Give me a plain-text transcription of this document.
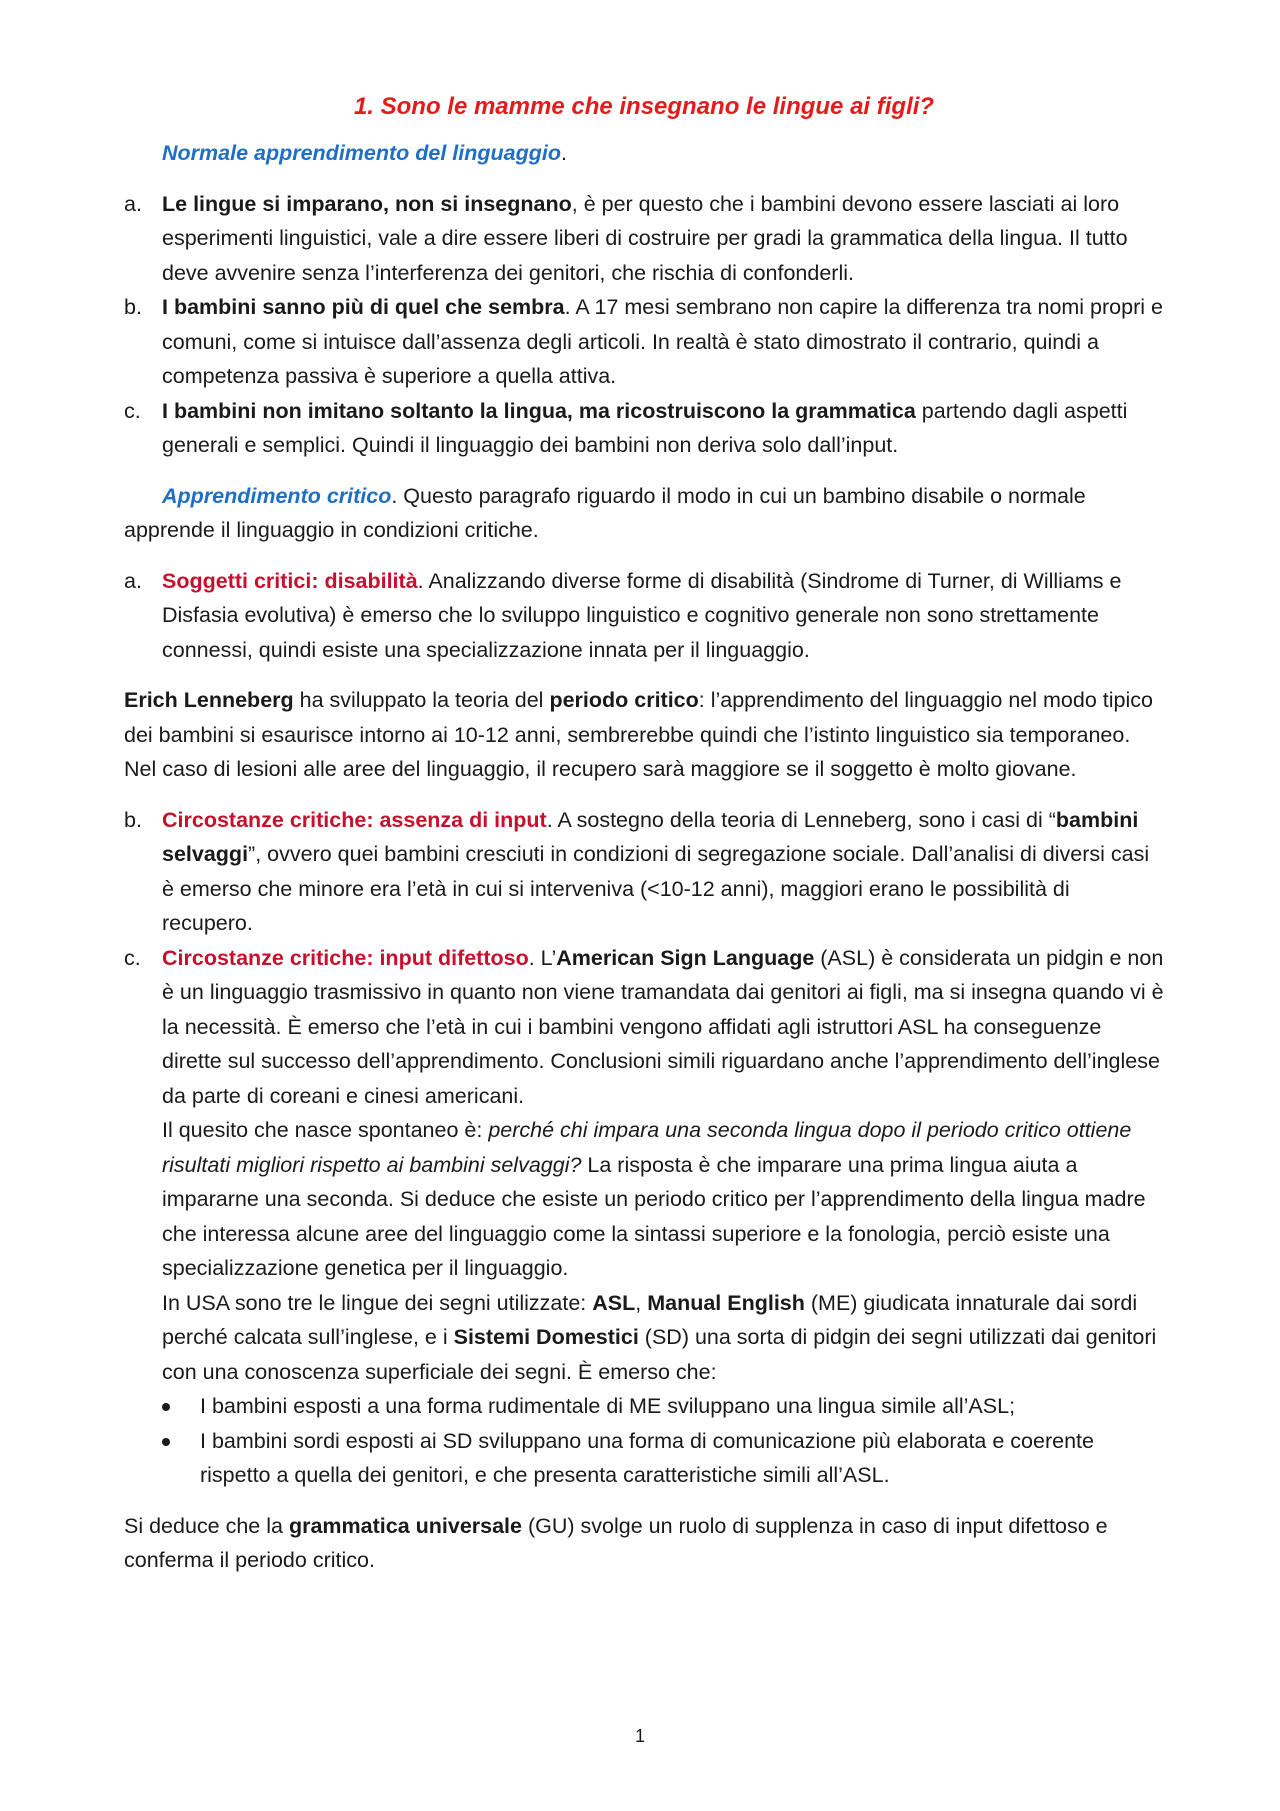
1. Sono le mamme che insegnano le lingue ai figli?

Normale apprendimento del linguaggio.

a. Le lingue si imparano, non si insegnano, è per questo che i bambini devono essere lasciati ai loro esperimenti linguistici, vale a dire essere liberi di costruire per gradi la grammatica della lingua. Il tutto deve avvenire senza l’interferenza dei genitori, che rischia di confonderli.
b. I bambini sanno più di quel che sembra. A 17 mesi sembrano non capire la differenza tra nomi propri e comuni, come si intuisce dall’assenza degli articoli. In realtà è stato dimostrato il contrario, quindi a competenza passiva è superiore a quella attiva.
c. I bambini non imitano soltanto la lingua, ma ricostruiscono la grammatica partendo dagli aspetti generali e semplici. Quindi il linguaggio dei bambini non deriva solo dall’input.

Apprendimento critico. Questo paragrafo riguardo il modo in cui un bambino disabile o normale apprende il linguaggio in condizioni critiche.

a. Soggetti critici: disabilità. Analizzando diverse forme di disabilità (Sindrome di Turner, di Williams e Disfasia evolutiva) è emerso che lo sviluppo linguistico e cognitivo generale non sono strettamente connessi, quindi esiste una specializzazione innata per il linguaggio.

Erich Lenneberg ha sviluppato la teoria del periodo critico: l’apprendimento del linguaggio nel modo tipico dei bambini si esaurisce intorno ai 10-12 anni, sembrerebbe quindi che l’istinto linguistico sia temporaneo. Nel caso di lesioni alle aree del linguaggio, il recupero sarà maggiore se il soggetto è molto giovane.

b. Circostanze critiche: assenza di input. A sostegno della teoria di Lenneberg, sono i casi di “bambini selvaggi”, ovvero quei bambini cresciuti in condizioni di segregazione sociale. Dall’analisi di diversi casi è emerso che minore era l’età in cui si interveniva (<10-12 anni), maggiori erano le possibilità di recupero.
c. Circostanze critiche: input difettoso. L’American Sign Language (ASL) è considerata un pidgin e non è un linguaggio trasmissivo in quanto non viene tramandata dai genitori ai figli, ma si insegna quando vi è la necessità. È emerso che l’età in cui i bambini vengono affidati agli istruttori ASL ha conseguenze dirette sul successo dell’apprendimento. Conclusioni simili riguardano anche l’apprendimento dell’inglese da parte di coreani e cinesi americani.
Il quesito che nasce spontaneo è: perché chi impara una seconda lingua dopo il periodo critico ottiene risultati migliori rispetto ai bambini selvaggi? La risposta è che imparare una prima lingua aiuta a impararne una seconda. Si deduce che esiste un periodo critico per l’apprendimento della lingua madre che interessa alcune aree del linguaggio come la sintassi superiore e la fonologia, perciò esiste una specializzazione genetica per il linguaggio.
In USA sono tre le lingue dei segni utilizzate: ASL, Manual English (ME) giudicata innaturale dai sordi perché calcata sull’inglese, e i Sistemi Domestici (SD) una sorta di pidgin dei segni utilizzati dai genitori con una conoscenza superficiale dei segni. È emerso che:
I bambini esposti a una forma rudimentale di ME sviluppano una lingua simile all’ASL;
I bambini sordi esposti ai SD sviluppano una forma di comunicazione più elaborata e coerente rispetto a quella dei genitori, e che presenta caratteristiche simili all’ASL.

Si deduce che la grammatica universale (GU) svolge un ruolo di supplenza in caso di input difettoso e conferma il periodo critico.

1
